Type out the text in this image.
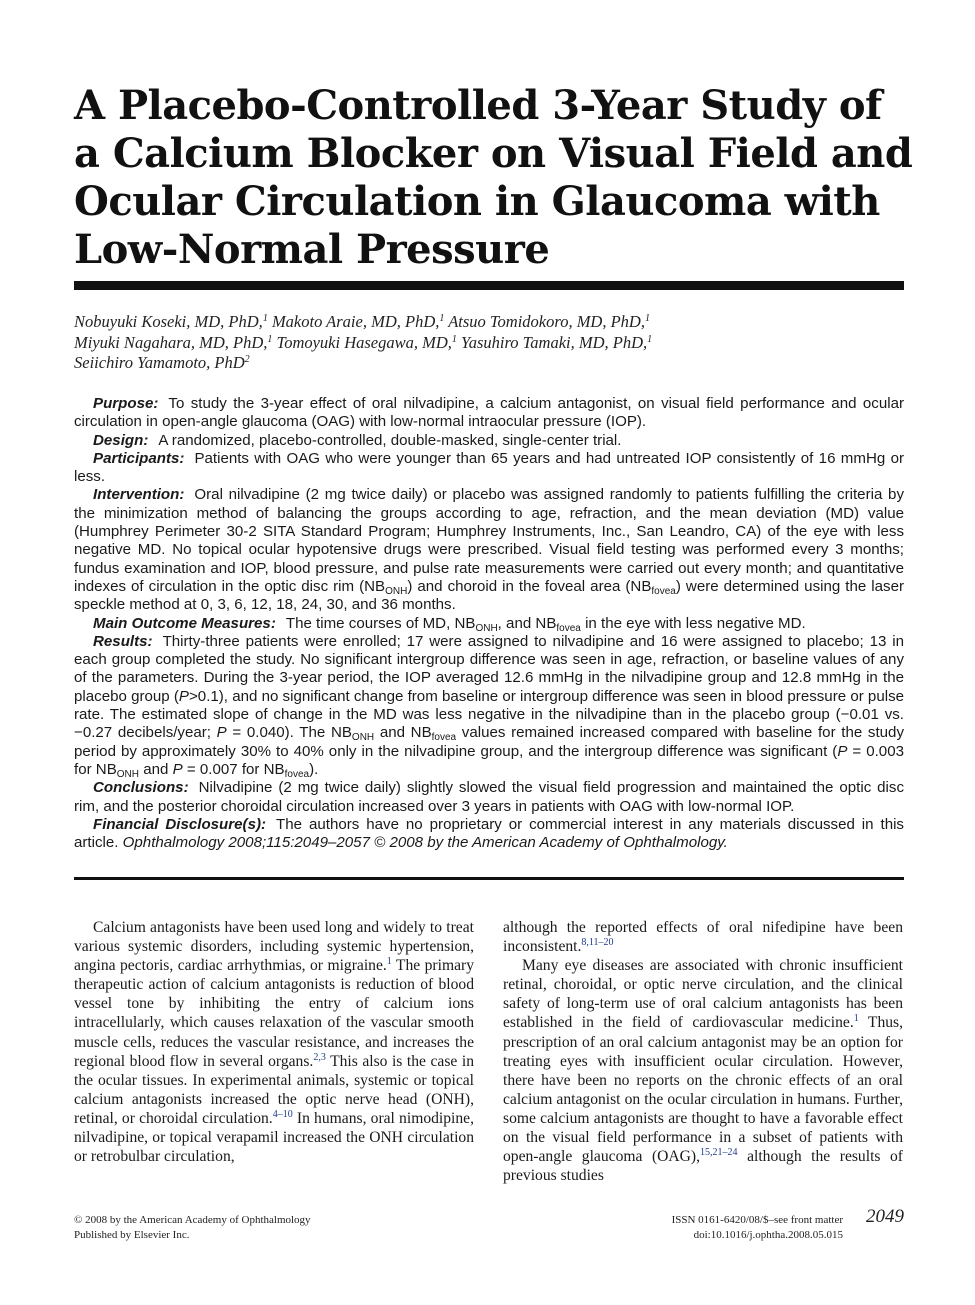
A Placebo-Controlled 3-Year Study of a Calcium Blocker on Visual Field and Ocular Circulation in Glaucoma with Low-Normal Pressure
Nobuyuki Koseki, MD, PhD,$^1$ Makoto Araie, MD, PhD,$^1$ Atsuo Tomidokoro, MD, PhD,$^1$
Miyuki Nagahara, MD, PhD,$^1$ Tomoyuki Hasegawa, MD,$^1$ Yasuhiro Tamaki, MD, PhD,$^1$
Seiichiro Yamamoto, PhD$^2$

Purpose: To study the 3-year effect of oral nilvadipine, a calcium antagonist, on visual field performance and ocular circulation in open-angle glaucoma (OAG) with low-normal intraocular pressure (IOP).

Design: A randomized, placebo-controlled, double-masked, single-center trial.

Participants: Patients with OAG who were younger than 65 years and had untreated IOP consistently of 16 mmHg or less.

Intervention: Oral nilvadipine (2 mg twice daily) or placebo was assigned randomly to patients fulfilling the criteria by the minimization method of balancing the groups according to age, refraction, and the mean deviation (MD) value (Humphrey Perimeter 30-2 SITA Standard Program; Humphrey Instruments, Inc., San Leandro, CA) of the eye with less negative MD. No topical ocular hypotensive drugs were prescribed. Visual field testing was performed every 3 months; fundus examination and IOP, blood pressure, and pulse rate measurements were carried out every month; and quantitative indexes of circulation in the optic disc rim $(NB_{ONH})$ and choroid in the foveal area $(NB_{fovea})$ were determined using the laser speckle method at 0, 3, 6, 12, 18, 24, 30, and 36 months.

Main Outcome Measures: The time courses of MD, $NB_{ONH}$, and $NB_{fovea}$ in the eye with less negative MD.

Results: Thirty-three patients were enrolled; 17 were assigned to nilvadipine and 16 were assigned to placebo; 13 in each group completed the study. No significant intergroup difference was seen in age, refraction, or baseline values of any of the parameters. During the 3-year period, the IOP averaged 12.6 mmHg in the nilvadipine group and 12.8 mmHg in the placebo group (P>0.1), and no significant change from baseline or intergroup difference was seen in blood pressure or pulse rate. The estimated slope of change in the MD was less negative in the nilvadipine than in the placebo group (−0.01 vs. −0.27 decibels/year; P = 0.040). The $NB_{ONH}$ and $NB_{fovea}$ values remained increased compared with baseline for the study period by approximately 30% to 40% only in the nilvadipine group, and the intergroup difference was significant (P = 0.003 for $NB_{ONH}$ and P = 0.007 for $NB_{fovea}$).

Conclusions: Nilvadipine (2 mg twice daily) slightly slowed the visual field progression and maintained the optic disc rim, and the posterior choroidal circulation increased over 3 years in patients with OAG with low-normal IOP.

Financial Disclosure(s): The authors have no proprietary or commercial interest in any materials discussed in this article. Ophthalmology 2008;115:2049–2057 © 2008 by the American Academy of Ophthalmology.

Calcium antagonists have been used long and widely to treat various systemic disorders, including systemic hypertension, angina pectoris, cardiac arrhythmias, or migraine.$^1$ The primary therapeutic action of calcium antagonists is reduction of blood vessel tone by inhibiting the entry of calcium ions intracellularly, which causes relaxation of the vascular smooth muscle cells, reduces the vascular resistance, and increases the regional blood flow in several organs.$^{2,3}$ This also is the case in the ocular tissues. In experimental animals, systemic or topical calcium antagonists increased the optic nerve head (ONH), retinal, or choroidal circulation.$^{4-10}$ In humans, oral nimodipine, nilvadipine, or topical verapamil increased the ONH circulation or retrobulbar circulation,

although the reported effects of oral nifedipine have been inconsistent.$^{8,11-20}$

Many eye diseases are associated with chronic insufficient retinal, choroidal, or optic nerve circulation, and the clinical safety of long-term use of oral calcium antagonists has been established in the field of cardiovascular medicine.$^1$ Thus, prescription of an oral calcium antagonist may be an option for treating eyes with insufficient ocular circulation. However, there have been no reports on the chronic effects of an oral calcium antagonist on the ocular circulation in humans. Further, some calcium antagonists are thought to have a favorable effect on the visual field performance in a subset of patients with open-angle glaucoma (OAG),$^{15,21-24}$ although the results of previous studies

© 2008 by the American Academy of Ophthalmology
Published by Elsevier Inc.
ISSN 0161-6420/08/$–see front matter
doi:10.1016/j.ophtha.2008.05.015
2049
